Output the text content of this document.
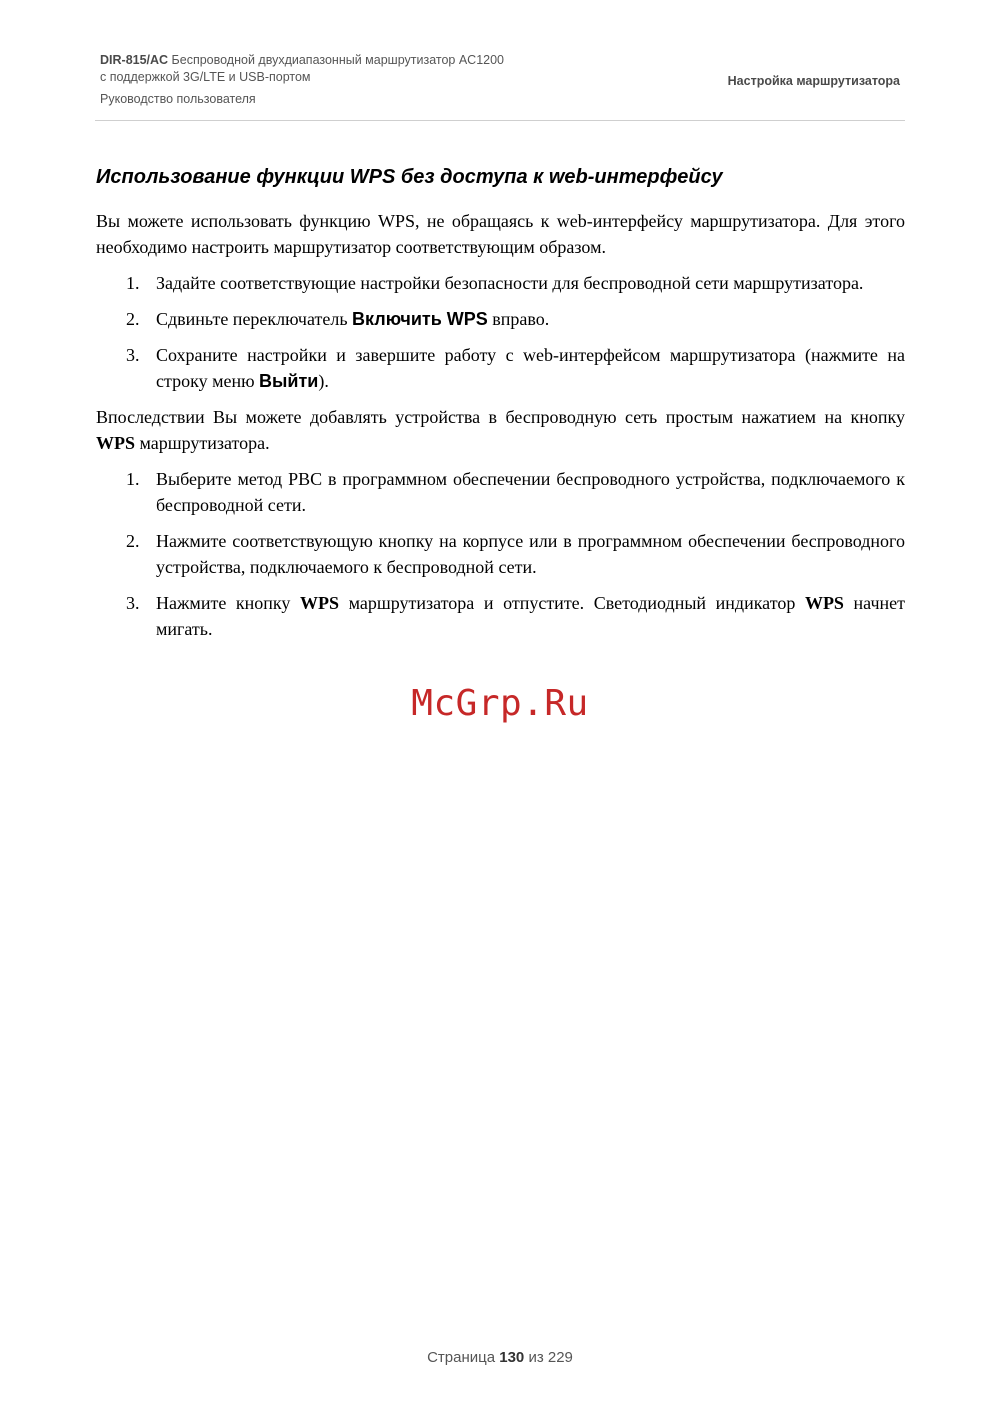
DIR-815/AC Беспроводной двухдиапазонный маршрутизатор AC1200
с поддержкой 3G/LTE и USB-портом
Руководство пользователя
Настройка маршрутизатора
Использование функции WPS без доступа к web-интерфейсу

Вы можете использовать функцию WPS, не обращаясь к web-интерфейсу маршрутизатора. Для этого необходимо настроить маршрутизатор соответствующим образом.

1. Задайте соответствующие настройки безопасности для беспроводной сети маршрутизатора.
2. Сдвиньте переключатель Включить WPS вправо.
3. Сохраните настройки и завершите работу с web-интерфейсом маршрутизатора (нажмите на строку меню Выйти).

Впоследствии Вы можете добавлять устройства в беспроводную сеть простым нажатием на кнопку WPS маршрутизатора.

1. Выберите метод PBC в программном обеспечении беспроводного устройства, подключаемого к беспроводной сети.
2. Нажмите соответствующую кнопку на корпусе или в программном обеспечении беспроводного устройства, подключаемого к беспроводной сети.
3. Нажмите кнопку WPS маршрутизатора и отпустите. Светодиодный индикатор WPS начнет мигать.
McGrp.Ru
Страница 130 из 229
